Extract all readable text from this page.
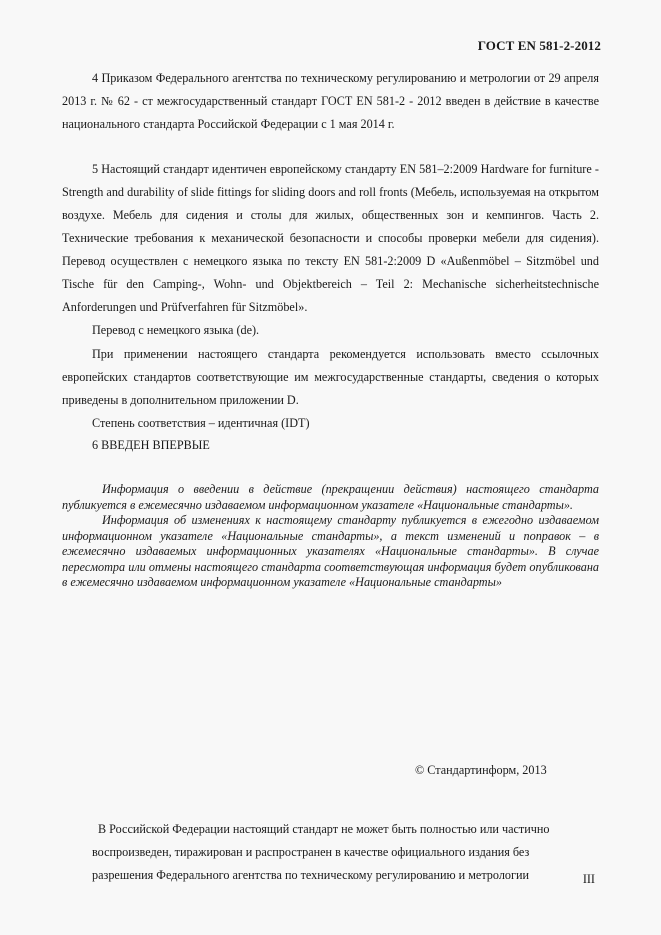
ГОСТ EN 581-2-2012

4 Приказом Федерального агентства по техническому регулированию и метрологии от 29 апреля 2013 г. № 62 - ст межгосударственный стандарт ГОСТ EN 581-2 - 2012 введен в действие в качестве национального стандарта Российской Федерации с 1 мая 2014 г.

5 Настоящий стандарт идентичен европейскому стандарту EN 581–2:2009 Hardware for furniture - Strength and durability of slide fittings for sliding doors and roll fronts (Мебель, используемая на открытом воздухе. Мебель для сидения и столы для жилых, общественных зон и кемпингов. Часть 2. Технические требования к механической безопасности и способы проверки мебели для сидения). Перевод осуществлен с немецкого языка по тексту EN 581-2:2009 D «Außenmöbel – Sitzmöbel und Tische für den Camping-, Wohn- und Objektbereich – Teil 2: Mechanische sicherheitstechnische Anforderungen und Prüfverfahren für Sitzmöbel».

Перевод с немецкого языка (de).

При применении настоящего стандарта рекомендуется использовать вместо ссылочных европейских стандартов соответствующие им межгосударственные стандарты, сведения о которых приведены в дополнительном приложении D.

Степень соответствия – идентичная (IDT)

6 ВВЕДЕН ВПЕРВЫЕ

Информация о введении в действие (прекращении действия) настоящего стандарта публикуется в ежемесячно издаваемом информационном указателе «Национальные стандарты».

Информация об изменениях к настоящему стандарту публикуется в ежегодно издаваемом информационном указателе «Национальные стандарты», а текст изменений и поправок – в ежемесячно издаваемых информационных указателях «Национальные стандарты». В случае пересмотра или отмены настоящего стандарта соответствующая информация будет опубликована в ежемесячно издаваемом информационном указателе «Национальные стандарты»

© Стандартинформ, 2013
В Российской Федерации настоящий стандарт не может быть полностью или частично
воспроизведен, тиражирован и распространен в качестве официального издания без
разрешения Федерального агентства по техническому регулированию и метрологии	III
